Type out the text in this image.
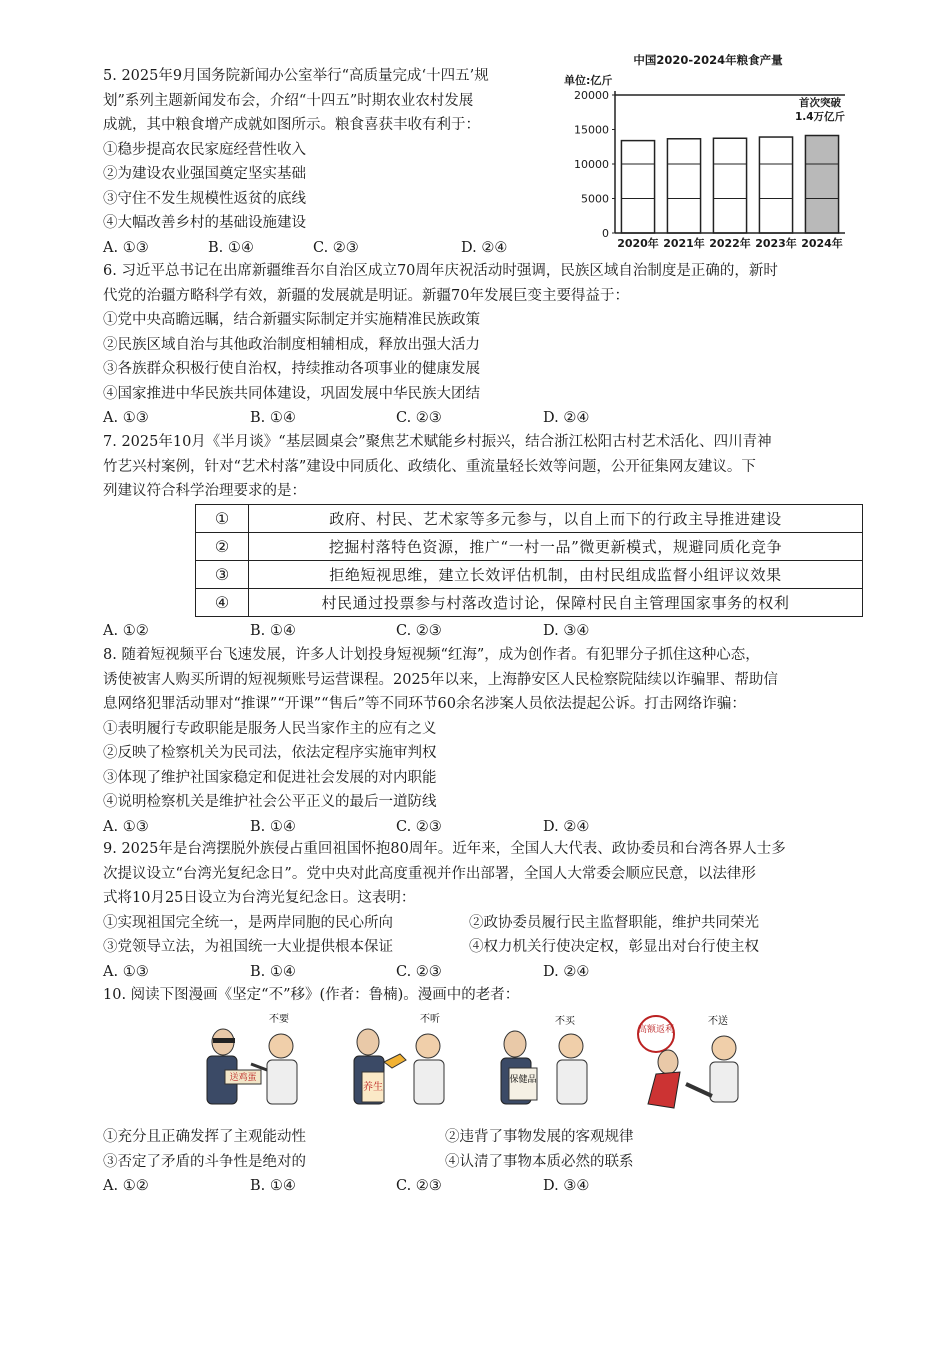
5. 2025年9月国务院新闻办公室举行“高质量完成‘十四五’规
划”系列主题新闻发布会，介绍“十四五”时期农业农村发展
成就，其中粮食增产成就如图所示。粮食喜获丰收有利于：
①稳步提高农民家庭经营性收入
②为建设农业强国奠定坚实基础
③守住不发生规模性返贫的底线
④大幅改善乡村的基础设施建设
A. ①③	B. ①④	C. ②③	D. ②④
中国2020-2024年粮食产量
单位:亿斤
0
5000
10000
15000
20000
2020年 2021年 2022年 2023年 2024年
首次突破
1.4万亿斤
6. 习近平总书记在出席新疆维吾尔自治区成立70周年庆祝活动时强调，民族区域自治制度是正确的，新时
代党的治疆方略科学有效，新疆的发展就是明证。新疆70年发展巨变主要得益于：
①党中央高瞻远瞩，结合新疆实际制定并实施精准民族政策
②民族区域自治与其他政治制度相辅相成，释放出强大活力
③各族群众积极行使自治权，持续推动各项事业的健康发展
④国家推进中华民族共同体建设，巩固发展中华民族大团结
A. ①③	B. ①④	C. ②③	D. ②④
7. 2025年10月《半月谈》“基层圆桌会”聚焦艺术赋能乡村振兴，结合浙江松阳古村艺术活化、四川青神
竹艺兴村案例，针对“艺术村落”建设中同质化、政绩化、重流量轻长效等问题，公开征集网友建议。下
列建议符合科学治理要求的是：
①	政府、村民、艺术家等多元参与，以自上而下的行政主导推进建设
②	挖掘村落特色资源，推广“一村一品”微更新模式，规避同质化竞争
③	拒绝短视思维，建立长效评估机制，由村民组成监督小组评议效果
④	村民通过投票参与村落改造讨论，保障村民自主管理国家事务的权利
A. ①②	B. ①④	C. ②③	D. ③④
8. 随着短视频平台飞速发展，许多人计划投身短视频“红海”，成为创作者。有犯罪分子抓住这种心态，
诱使被害人购买所谓的短视频账号运营课程。2025年以来，上海静安区人民检察院陆续以诈骗罪、帮助信
息网络犯罪活动罪对“推课”“开课”“售后”等不同环节60余名涉案人员依法提起公诉。打击网络诈骗：
①表明履行专政职能是服务人民当家作主的应有之义
②反映了检察机关为民司法，依法定程序实施审判权
③体现了维护社国家稳定和促进社会发展的对内职能
④说明检察机关是维护社会公平正义的最后一道防线
A. ①③	B. ①④	C. ②③	D. ②④
9. 2025年是台湾摆脱外族侵占重回祖国怀抱80周年。近年来，全国人大代表、政协委员和台湾各界人士多
次提议设立“台湾光复纪念日”。党中央对此高度重视并作出部署，全国人大常委会顺应民意，以法律形
式将10月25日设立为台湾光复纪念日。这表明：
①实现祖国完全统一，是两岸同胞的民心所向	②政协委员履行民主监督职能，维护共同荣光
③党领导立法，为祖国统一大业提供根本保证	④权力机关行使决定权，彰显出对台行使主权
A. ①③	B. ①④	C. ②③	D. ②④
10. 阅读下图漫画《坚定“不”移》(作者：鲁楠)。漫画中的老者：
送鸡蛋
不要
养生
不听
保健品
不买
高额返利
不送
①充分且正确发挥了主观能动性	②违背了事物发展的客观规律
③否定了矛盾的斗争性是绝对的	④认清了事物本质必然的联系
A. ①②	B. ①④	C. ②③	D. ③④
